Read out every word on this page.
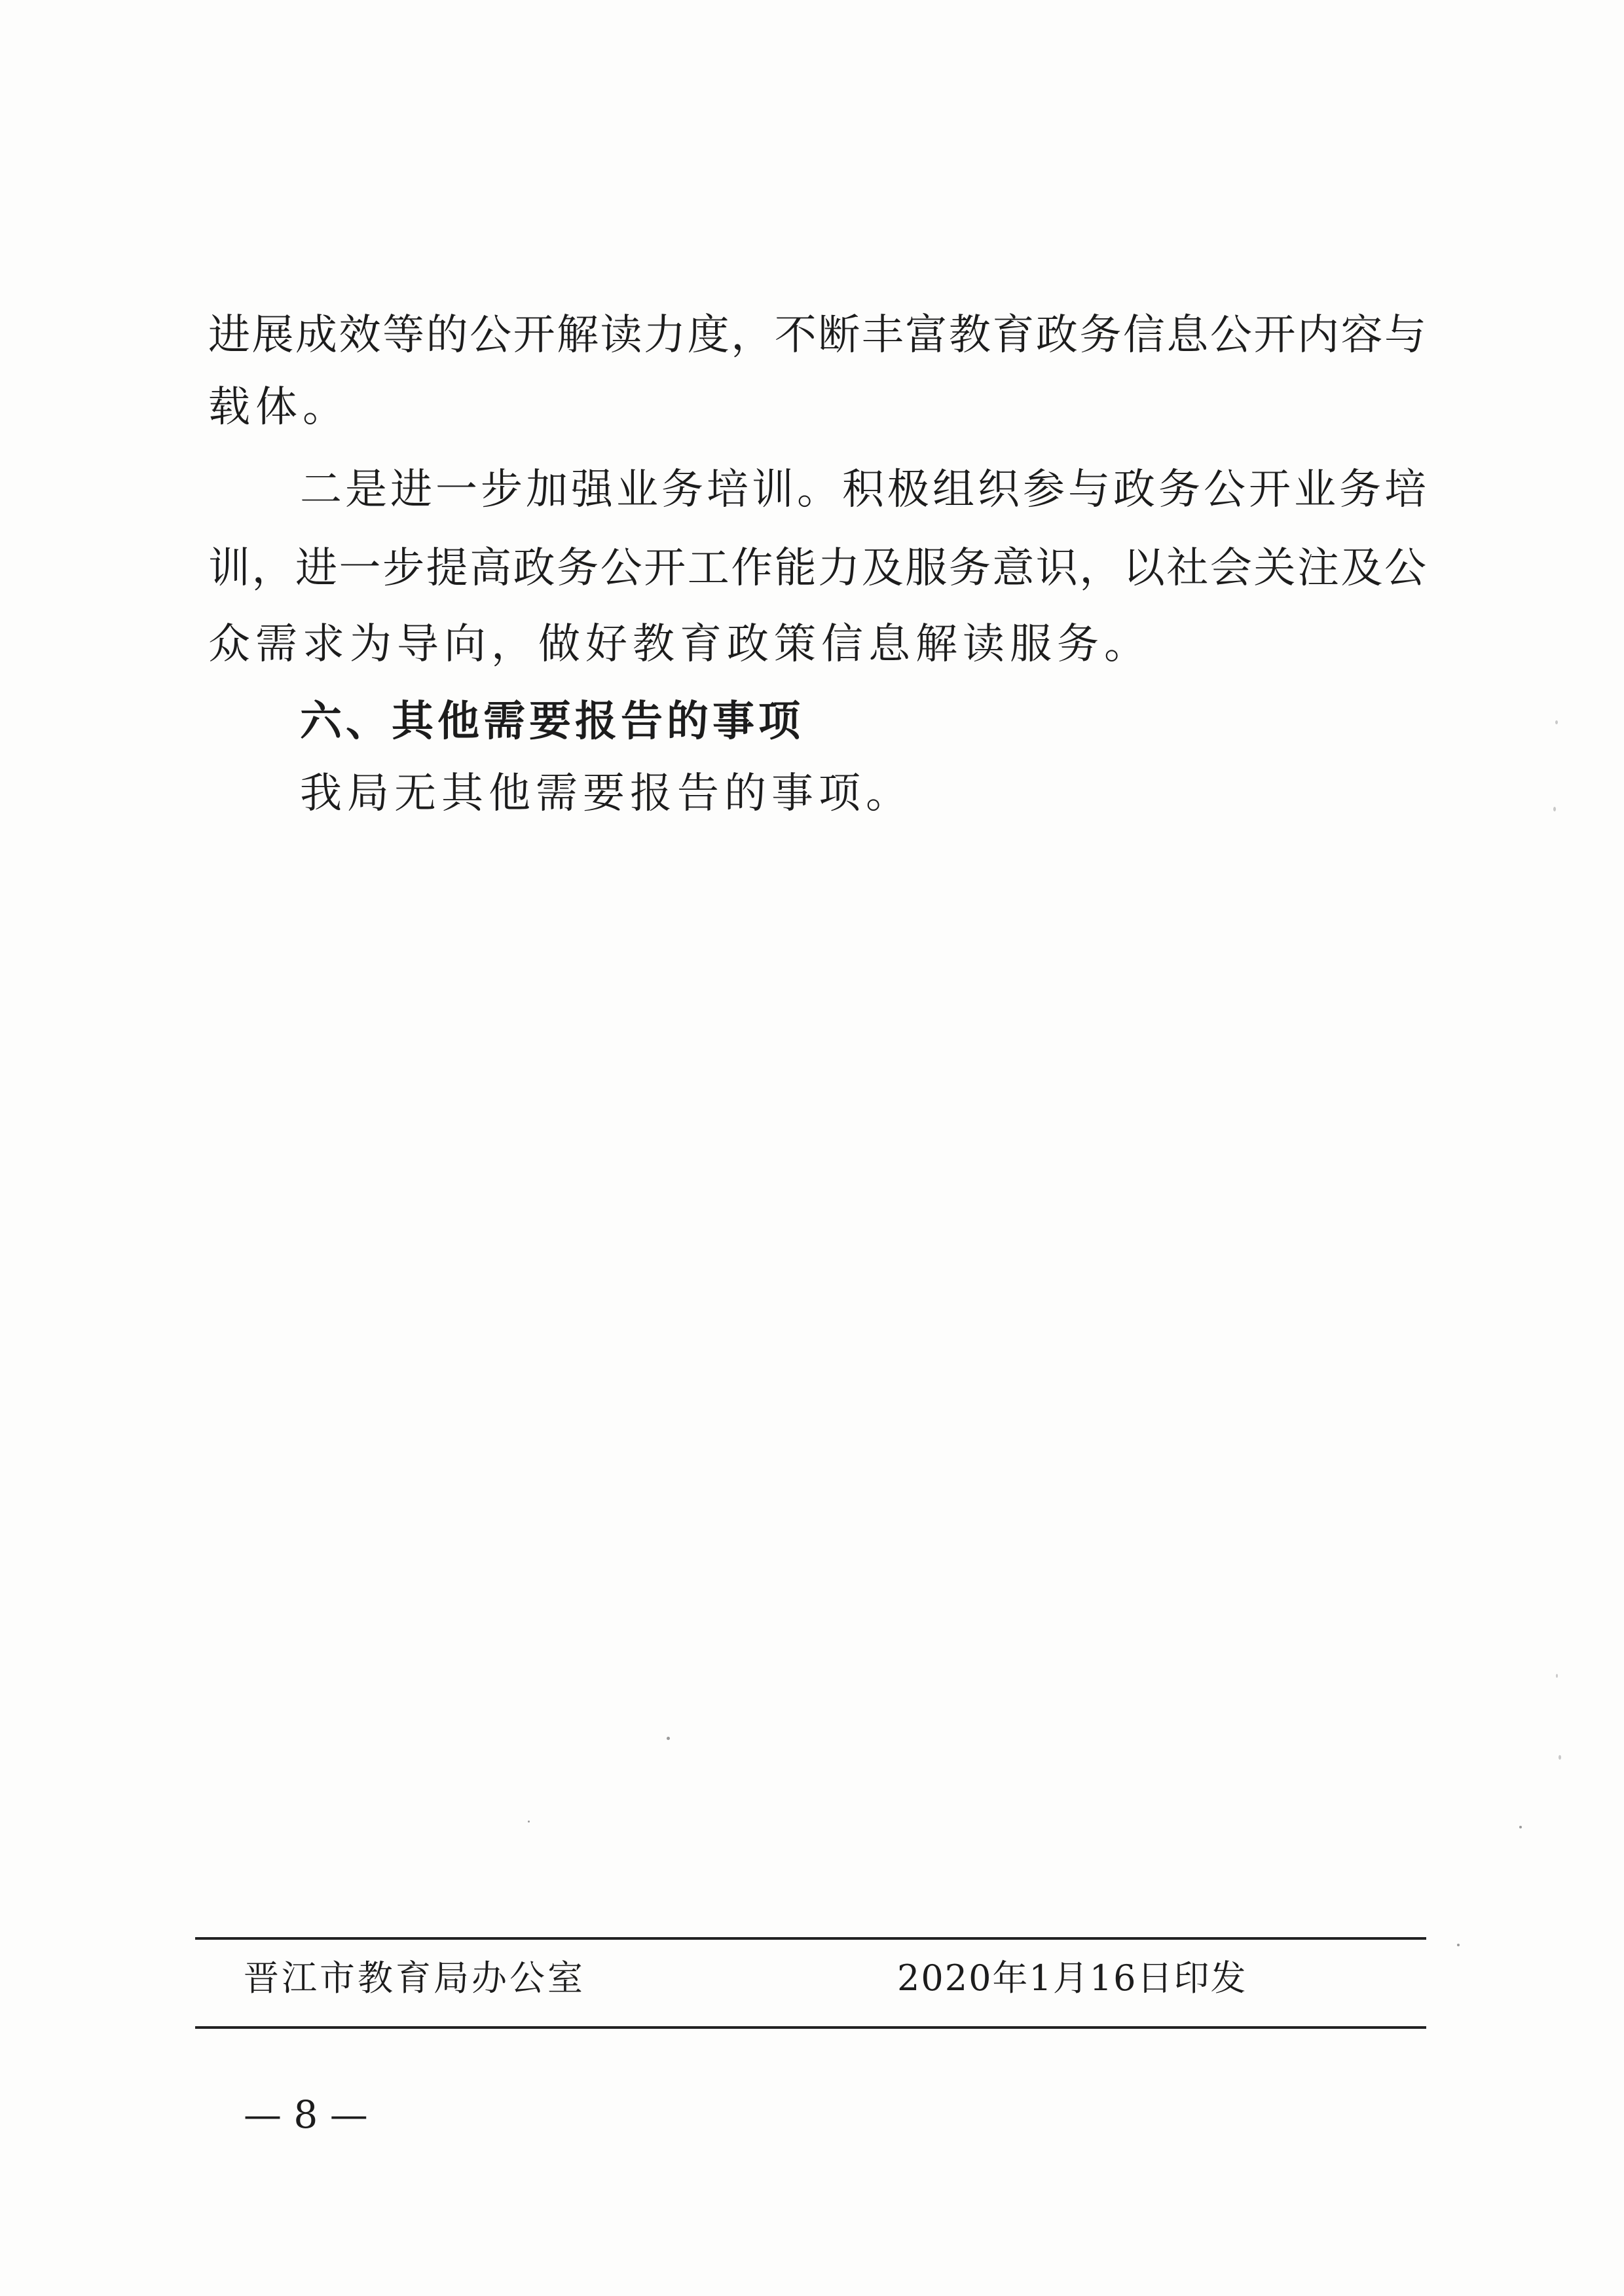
进展成效等的公开解读力度，不断丰富教育政务信息公开内容与
载体。
二是进一步加强业务培训。积极组织参与政务公开业务培
训，进一步提高政务公开工作能力及服务意识，以社会关注及公
众需求为导向，做好教育政策信息解读服务。
六、其他需要报告的事项
我局无其他需要报告的事项。
晋江市教育局办公室	2020年1月16日印发
— 8 —
